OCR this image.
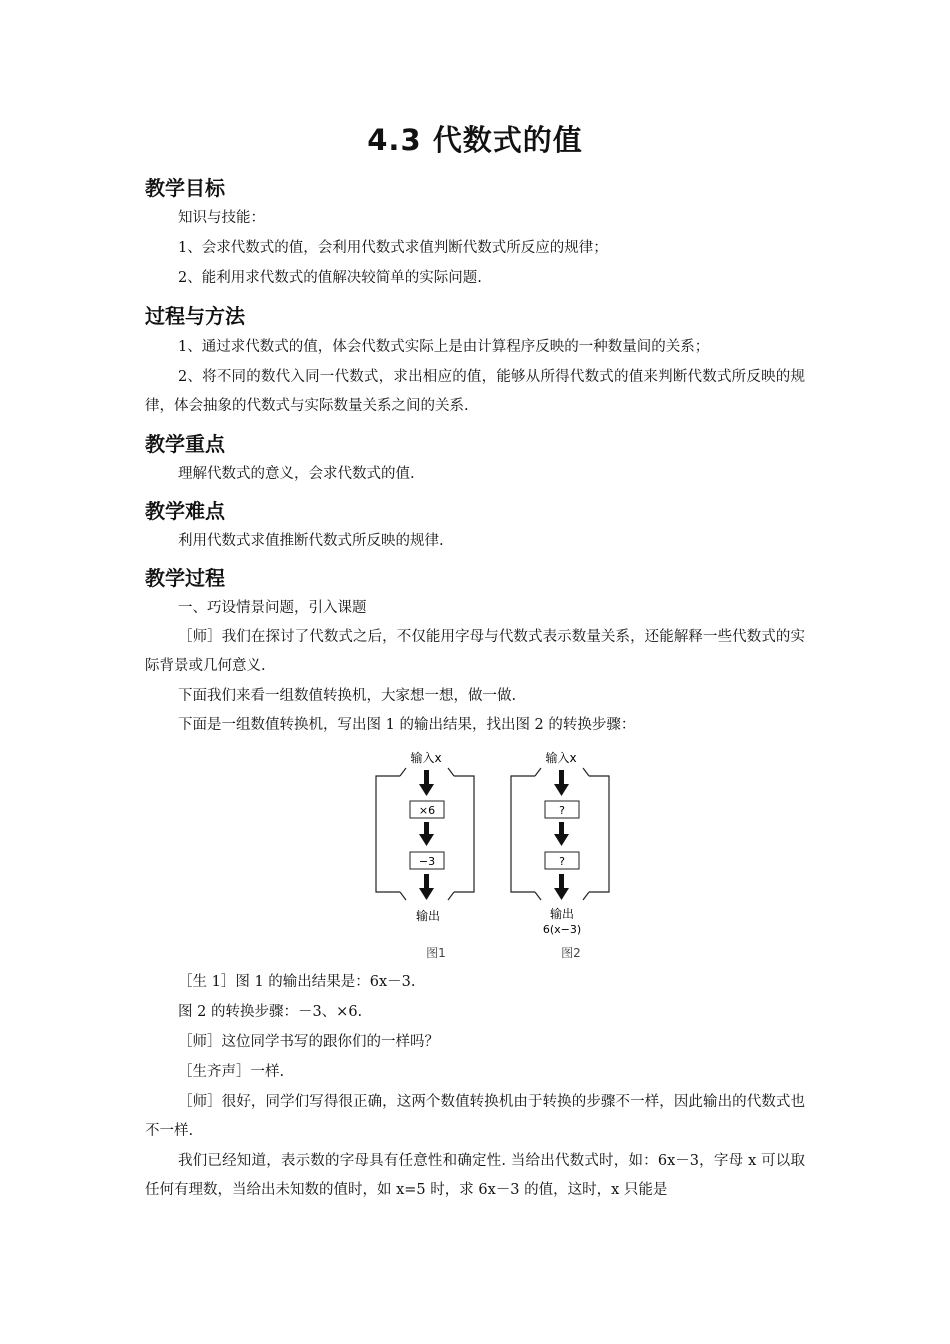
4.3 代数式的值
教学目标
知识与技能：
1、会求代数式的值，会利用代数式求值判断代数式所反应的规律；
2、能利用求代数式的值解决较简单的实际问题.
过程与方法
1、通过求代数式的值，体会代数式实际上是由计算程序反映的一种数量间的关系；
2、将不同的数代入同一代数式，求出相应的值，能够从所得代数式的值来判断代数式所反映的规律，体会抽象的代数式与实际数量关系之间的关系.
教学重点
理解代数式的意义，会求代数式的值.
教学难点
利用代数式求值推断代数式所反映的规律.
教学过程
一、巧设情景问题，引入课题
［师］我们在探讨了代数式之后，不仅能用字母与代数式表示数量关系，还能解释一些代数式的实际背景或几何意义.
下面我们来看一组数值转换机，大家想一想，做一做.
下面是一组数值转换机，写出图 1 的输出结果，找出图 2 的转换步骤：
输入x
×6
−3
输出
图1
输入x
?
?
输出
6(x−3)
图2
［生 1］图 1 的输出结果是：6x－3.
图 2 的转换步骤：－3、×6.
［师］这位同学书写的跟你们的一样吗？
［生齐声］一样.
［师］很好，同学们写得很正确，这两个数值转换机由于转换的步骤不一样，因此输出的代数式也不一样.
我们已经知道，表示数的字母具有任意性和确定性. 当给出代数式时，如：6x－3，字母 x 可以取任何有理数，当给出未知数的值时，如 x=5 时，求 6x－3 的值，这时，x 只能是
